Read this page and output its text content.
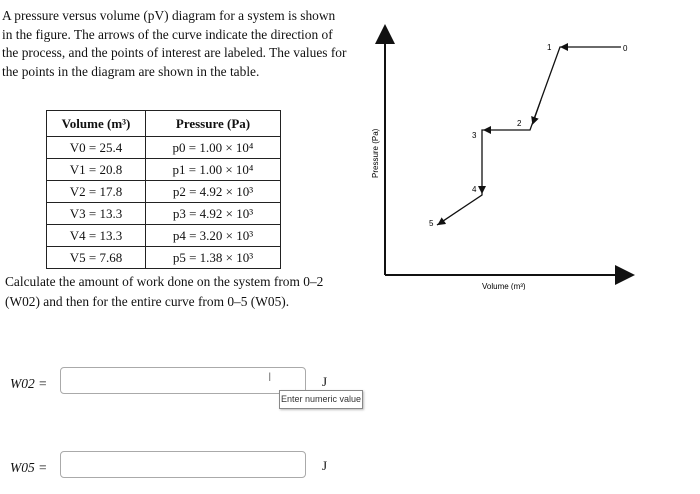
A pressure versus volume (pV) diagram for a system is shown in the figure. The arrows of the curve indicate the direction of the process, and the points of interest are labeled. The values for the points in the diagram are shown in the table.
Volume (m³)	Pressure (Pa)
V0 = 25.4	p0 = 1.00 × 10⁴
V1 = 20.8	p1 = 1.00 × 10⁴
V2 = 17.8	p2 = 4.92 × 10³
V3 = 13.3	p3 = 4.92 × 10³
V4 = 13.3	p4 = 3.20 × 10³
V5 = 7.68	p5 = 1.38 × 10³
Calculate the amount of work done on the system from 0–2 (W02) and then for the entire curve from 0–5 (W05).
Pressure (Pa)
Volume (m³)
0
1
2
3
4
5
W02 =	I	J
Enter numeric value
W05 =	J
